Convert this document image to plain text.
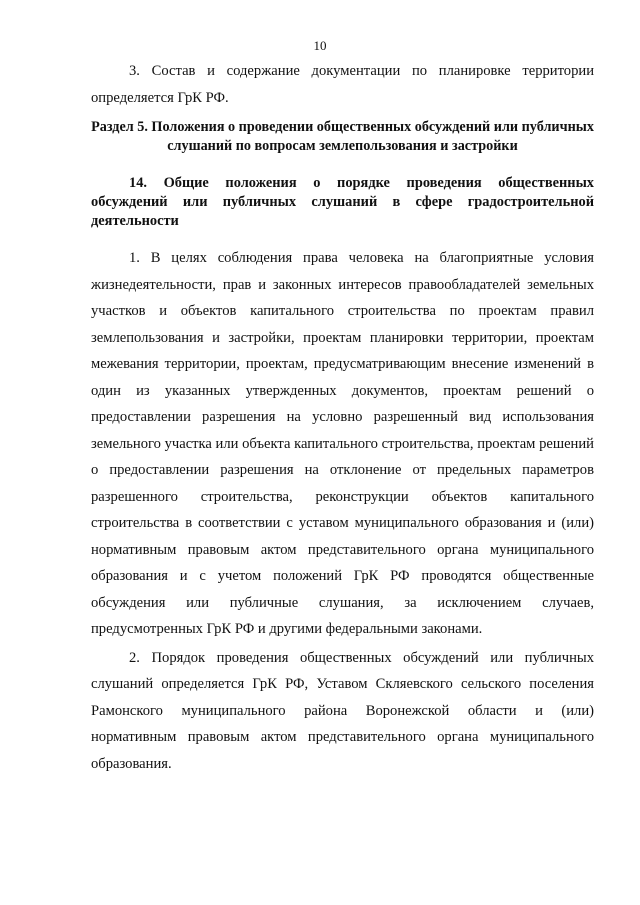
10

3. Состав и содержание документации по планировке территории определяется ГрК РФ.

Раздел 5. Положения о проведении общественных обсуждений или публичных слушаний по вопросам землепользования и застройки
14. Общие положения о порядке проведения общественных обсуждений или публичных слушаний в сфере градостроительной деятельности

1. В целях соблюдения права человека на благоприятные условия жизнедеятельности, прав и законных интересов правообладателей земельных участков и объектов капитального строительства по проектам правил землепользования и застройки, проектам планировки территории, проектам межевания территории, проектам, предусматривающим внесение изменений в один из указанных утвержденных документов, проектам решений о предоставлении разрешения на условно разрешенный вид использования земельного участка или объекта капитального строительства, проектам решений о предоставлении разрешения на отклонение от предельных параметров разрешенного строительства, реконструкции объектов капитального строительства в соответствии с уставом муниципального образования и (или) нормативным правовым актом представительного органа муниципального образования и с учетом положений ГрК РФ проводятся общественные обсуждения или публичные слушания, за исключением случаев, предусмотренных ГрК РФ и другими федеральными законами.

2. Порядок проведения общественных обсуждений или публичных слушаний определяется ГрК РФ, Уставом Скляевского сельского поселения Рамонского муниципального района Воронежской области и (или) нормативным правовым актом представительного органа муниципального образования.
